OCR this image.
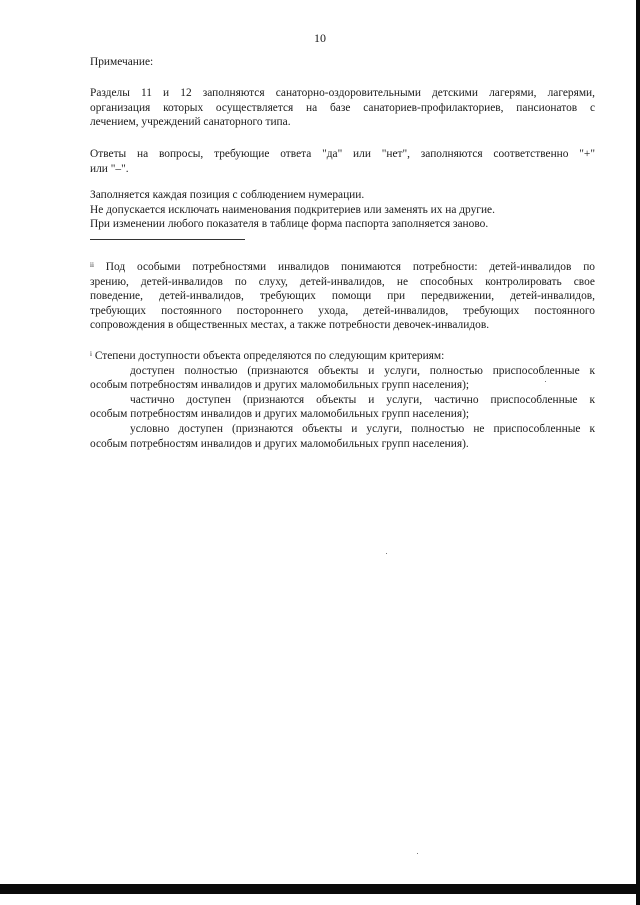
10
Примечание:
Разделы 11 и 12 заполняются санаторно-оздоровительными детскими лагерями, лагерями,
организация которых осуществляется на базе санаториев-профилакториев, пансионатов с
лечением, учреждений санаторного типа.
Ответы на вопросы, требующие ответа "да" или "нет", заполняются соответственно "+"
или "–".
Заполняется каждая позиция с соблюдением нумерации.
Не допускается исключать наименования подкритериев или заменять их на другие.
При изменении любого показателя в таблице форма паспорта заполняется заново.
$^{ii}$ Под особыми потребностями инвалидов понимаются потребности: детей-инвалидов по
зрению, детей-инвалидов по слуху, детей-инвалидов, не способных контролировать свое
поведение, детей-инвалидов, требующих помощи при передвижении, детей-инвалидов,
требующих постоянного постороннего ухода, детей-инвалидов, требующих постоянного
сопровождения в общественных местах, а также потребности девочек-инвалидов.
$^i$ Степени доступности объекта определяются по следующим критериям:
доступен полностью (признаются объекты и услуги, полностью приспособленные к
особым потребностям инвалидов и других маломобильных групп населения);
частично доступен (признаются объекты и услуги, частично приспособленные к
особым потребностям инвалидов и других маломобильных групп населения);
условно доступен (признаются объекты и услуги, полностью не приспособленные к
особым потребностям инвалидов и других маломобильных групп населения).
